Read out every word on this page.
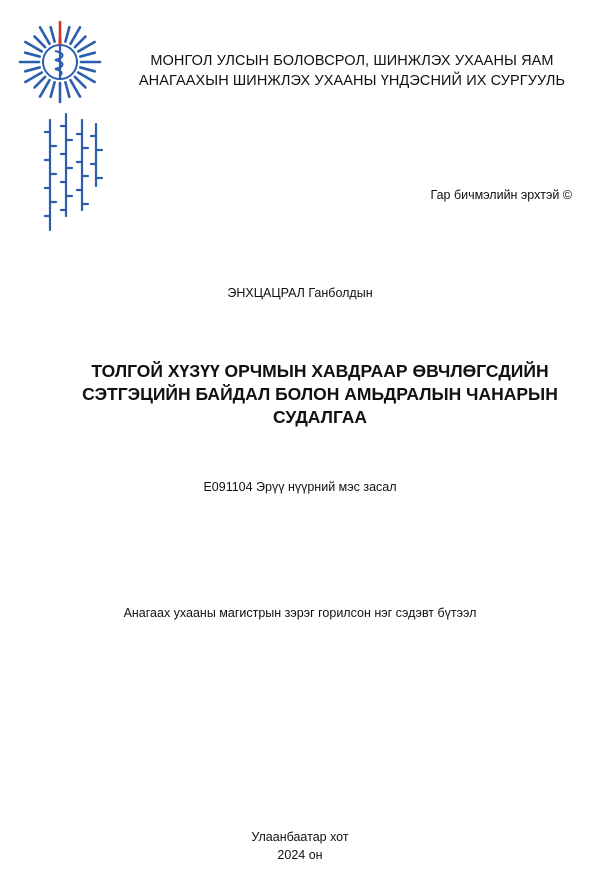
МОНГОЛ УЛСЫН БОЛОВСРОЛ, ШИНЖЛЭХ УХААНЫ ЯАМ
АНАГААХЫН ШИНЖЛЭХ УХААНЫ ҮНДЭСНИЙ ИХ СУРГУУЛЬ
Гар бичмэлийн эрхтэй ©
ЭНХЦАЦРАЛ Ганболдын
ТОЛГОЙ ХҮЗҮҮ ОРЧМЫН ХАВДРААР ӨВЧЛӨГСДИЙН
СЭТГЭЦИЙН БАЙДАЛ БОЛОН АМЬДРАЛЫН ЧАНАРЫН
СУДАЛГАА
E091104 Эрүү нүүрний мэс засал
Анагаах ухааны магистрын зэрэг горилсон нэг сэдэвт бүтээл
Улаанбаатар хот
2024 он
